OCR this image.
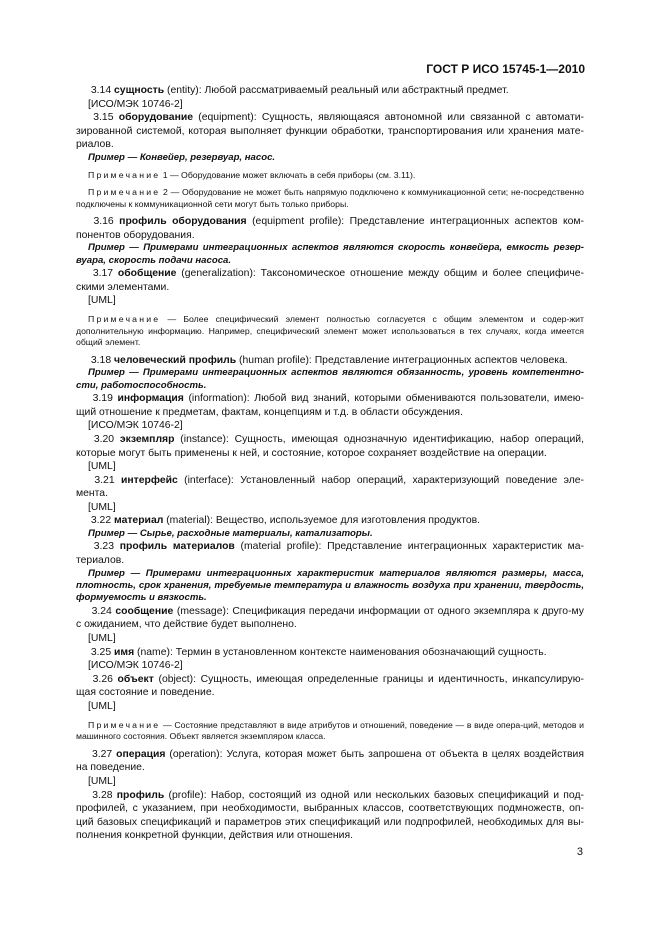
ГОСТ Р ИСО 15745-1—2010

3.14 сущность (entity): Любой рассматриваемый реальный или абстрактный предмет.

[ИСО/МЭК 10746-2]

3.15 оборудование (equipment): Сущность, являющаяся автономной или связанной с автомати-зированной системой, которая выполняет функции обработки, транспортирования или хранения мате-риалов.

Пример — Конвейер, резервуар, насос.

Примечание 1 — Оборудование может включать в себя приборы (см. 3.11).

Примечание 2 — Оборудование не может быть напрямую подключено к коммуникационной сети; не-посредственно подключены к коммуникационной сети могут быть только приборы.

3.16 профиль оборудования (equipment profile): Представление интеграционных аспектов ком-понентов оборудования.

Пример — Примерами интеграционных аспектов являются скорость конвейера, емкость резер-вуара, скорость подачи насоса.

3.17 обобщение (generalization): Таксономическое отношение между общим и более специфиче-скими элементами.

[UML]

Примечание — Более специфический элемент полностью согласуется с общим элементом и содер-жит дополнительную информацию. Например, специфический элемент может использоваться в тех случаях, когда имеется общий элемент.

3.18 человеческий профиль (human profile): Представление интеграционных аспектов человека.

Пример — Примерами интеграционных аспектов являются обязанность, уровень компетентно-сти, работоспособность.

3.19 информация (information): Любой вид знаний, которыми обмениваются пользователи, имею-щий отношение к предметам, фактам, концепциям и т.д. в области обсуждения.

[ИСО/МЭК 10746-2]

3.20 экземпляр (instance): Сущность, имеющая однозначную идентификацию, набор операций, которые могут быть применены к ней, и состояние, которое сохраняет воздействие на операции.

[UML]

3.21 интерфейс (interface): Установленный набор операций, характеризующий поведение эле-мента.

[UML]

3.22 материал (material): Вещество, используемое для изготовления продуктов.

Пример — Сырье, расходные материалы, катализаторы.

3.23 профиль материалов (material profile): Представление интеграционных характеристик ма-териалов.

Пример — Примерами интеграционных характеристик материалов являются размеры, масса, плотность, срок хранения, требуемые температура и влажность воздуха при хранении, твердость, формуемость и вязкость.

3.24 сообщение (message): Спецификация передачи информации от одного экземпляра к друго-му с ожиданием, что действие будет выполнено.

[UML]

3.25 имя (name): Термин в установленном контексте наименования обозначающий сущность.

[ИСО/МЭК 10746-2]

3.26 объект (object): Сущность, имеющая определенные границы и идентичность, инкапсулирую-щая состояние и поведение.

[UML]

Примечание — Состояние представляют в виде атрибутов и отношений, поведение — в виде опера-ций, методов и машинного состояния. Объект является экземпляром класса.

3.27 операция (operation): Услуга, которая может быть запрошена от объекта в целях воздействия на поведение.

[UML]

3.28 профиль (profile): Набор, состоящий из одной или нескольких базовых спецификаций и под-профилей, с указанием, при необходимости, выбранных классов, соответствующих подмножеств, оп-ций базовых спецификаций и параметров этих спецификаций или подпрофилей, необходимых для вы-полнения конкретной функции, действия или отношения.

3
